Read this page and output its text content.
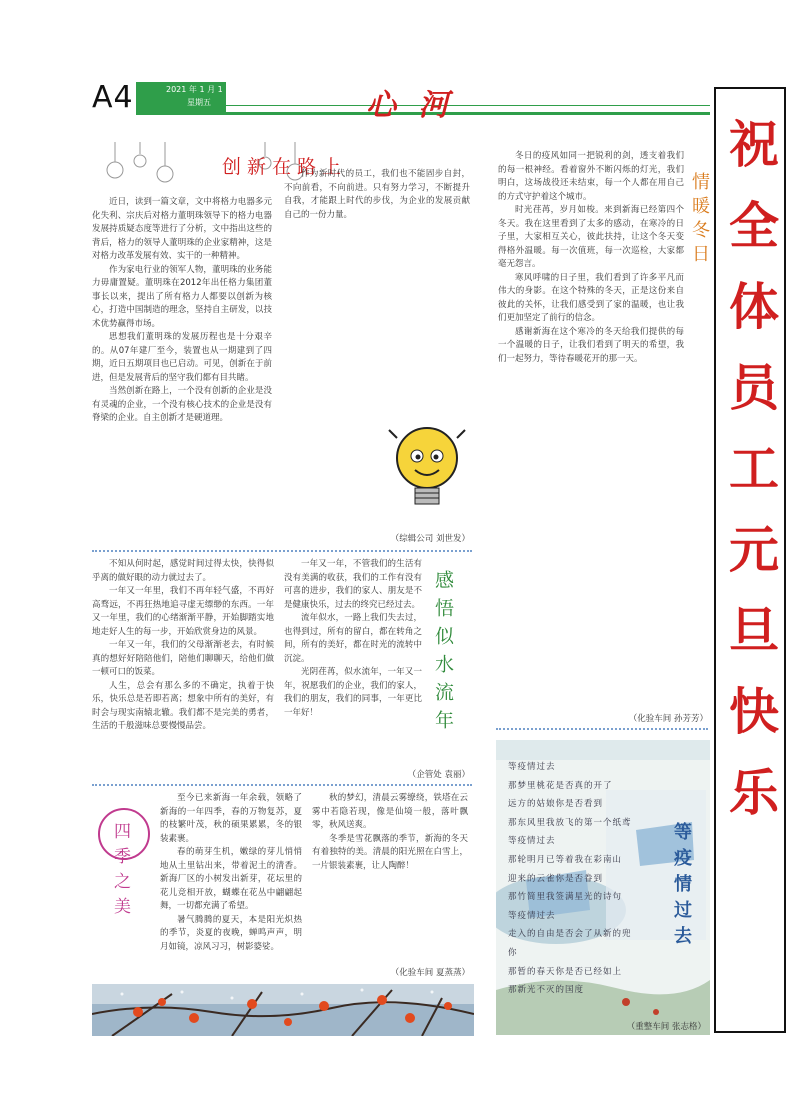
A4	2021 年 1 月 1 日
星期五	心 河
祝全体员工元旦快乐
创新在路上

近日，读到一篇文章，文中将格力电器多元化失利、宗庆后对格力董明珠领导下的格力电器发展持质疑态度等进行了分析，文中指出这些的背后，格力的领导人董明珠的企业家精神，这是对格力改革发展有效、实干的一种精神。

作为家电行业的领军人物，董明珠的业务能力毋庸置疑。董明珠在2012年出任格力集团董事长以来，提出了所有格力人都要以创新为核心，打造中国制造的理念，坚持自主研发，以技术优势赢得市场。

思想我们董明珠的发展历程也是十分艰辛的。从07年建厂至今，装置也从一期建到了四期，近日五期项目也已启动。可见，创新在于前进，但是发展背后的坚守我们都有目共睹。

当然创新在路上，一个没有创新的企业是没有灵魂的企业，一个没有核心技术的企业是没有脊梁的企业。自主创新才是硬道理。

作为新时代的员工，我们也不能固步自封，不向前看，不向前进。只有努力学习，不断提升自我，才能跟上时代的步伐，为企业的发展贡献自己的一份力量。

（综辑公司 刘世发）

冬日的疫风如同一把锐利的剑，透支着我们的每一根神经。看着窗外不断闪烁的灯光，我们明白，这场战役还未结束，每一个人都在用自己的方式守护着这个城市。

时光荏苒，岁月如梭。来到新海已经第四个冬天。我在这里看到了太多的感动，在寒冷的日子里，大家相互关心，彼此扶持，让这个冬天变得格外温暖。每一次值班，每一次巡检，大家都毫无怨言。

寒风呼啸的日子里，我们看到了许多平凡而伟大的身影。在这个特殊的冬天，正是这份来自彼此的关怀，让我们感受到了家的温暖，也让我们更加坚定了前行的信念。

感谢新海在这个寒冷的冬天给我们提供的每一个温暖的日子，让我们看到了明天的希望，我们一起努力，等待春暖花开的那一天。

情暖冬日
（化验车间 孙芳芳）

不知从何时起，感觉时间过得太快，快得似乎离的做好眼的动力就过去了。

一年又一年里，我们不再年轻气盛，不再好高骛远，不再狂热地追寻虚无缥缈的东西。一年又一年里，我们的心绪渐渐平静，开始脚踏实地地走好人生的每一步，开始欣赏身边的风景。

一年又一年，我们的父母渐渐老去，有时候真的想好好陪陪他们，陪他们聊聊天，给他们做一顿可口的饭菜。

人生，总会有那么多的不确定，执着于快乐，快乐总是若即若离；想象中所有的美好，有时会与现实南辕北辙。我们都不是完美的勇者，生活的千般滋味总要慢慢品尝。

一年又一年，不管我们的生活有没有美满的收获，我们的工作有没有可喜的进步，我们的家人、朋友是不是健康快乐，过去的终究已经过去。

流年似水，一路上我们失去过，也得到过，所有的留白，都在转角之间，所有的美好，都在时光的流转中沉淀。

光阴荏苒，似水流年，一年又一年，祝愿我们的企业，我们的家人，我们的朋友，我们的同事，一年更比一年好！	感悟似水流年
（企管处 袁丽）
四季之美

至今已来新海一年余载，领略了新海的一年四季，春的万物复苏，夏的枝繁叶茂，秋的硕果累累，冬的银装素裹。

春的萌芽生机，嫩绿的芽儿悄悄地从土里钻出来，带着泥土的清香。新海厂区的小树发出新芽，花坛里的花儿竞相开放，蝴蝶在花丛中翩翩起舞，一切都充满了希望。

暑气腾腾的夏天，本是阳光炽热的季节，炎夏的夜晚，蝉鸣声声，明月如镜，凉风习习，树影婆娑。

秋的梦幻，清晨云雾缭绕，铁塔在云雾中若隐若现，像是仙境一般，落叶飘零，秋风送爽。

冬季是雪花飘落的季节，新海的冬天有着独特的美。清晨的阳光照在白雪上，一片银装素裹，让人陶醉！

（化验车间 夏蒸蒸）
等疫情过去
那梦里桃花是否真的开了
远方的姑娘你是否看到
那东风里我放飞的第一个纸鸢
等疫情过去
那轮明月已等着我在彩南山
迎来的云雀你是否眷到
那竹简里我签满星光的诗句
等疫情过去
走入的自由是否会了从新的兜
你
那暂的春天你是否已经如上
那新光不灭的国度
等疫情过去
（重整车间 张志格）
